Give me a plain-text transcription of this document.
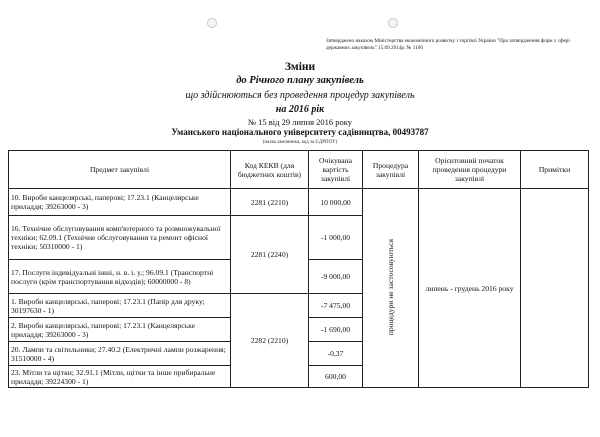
Затверджено наказом Міністерства економічного розвитку і торгівлі України "Про затвердження форм у сфері державних закупівель" 15.09.2014р. № 1106
Зміни
до Річного плану закупівель
що здійснюються без проведення процедур закупівель
на 2016 рік
№ 15 від 29 липня 2016 року
Уманського національного університету садівництва, 00493787
(назва замовника, код за ЄДРПОУ)
Предмет закупівлі	Код КЕКВ (для бюджетних коштів)	Очікувана вартість закупівлі	Процедура закупівлі	Орієнтовний початок проведення процедури закупівлі	Примітки
10. Вироби канцелярські, паперові; 17.23.1 (Канцелярське приладдя; 39263000 - 3)	2281 (2210)	10 000,00	процедури не застосовуються	липень - грудень 2016 року	
16. Технічне обслуговування комп'ютерного та розмножувальної техніки; 62.09.1 (Технічне обслуговування та ремонт офісної техніки; 50310000 - 1)	2281 (2240)	-1 000,00			
17. Послуги індивідуальні інші, н. в. і. у.; 96.09.1 (Транспортні послуги (крім транспортування відходів); 60000000 - 8)		-9 000,00			
1. Вироби канцелярські, паперові; 17.23.1 (Папір для друку; 30197630 - 1)	2282 (2210)	-7 475,00			
2. Вироби канцелярські, паперові; 17.23.1 (Канцелярське приладдя; 39263000 - 3)		-1 690,00			
20. Лампи та світильники; 27.40.2 (Електричні лампи розжарення; 31510000 - 4)		-0,37			
23. Мітли та щітки; 32.91.1 (Мітли, щітки та інше прибиральне приладдя; 39224300 - 1)		600,00			
